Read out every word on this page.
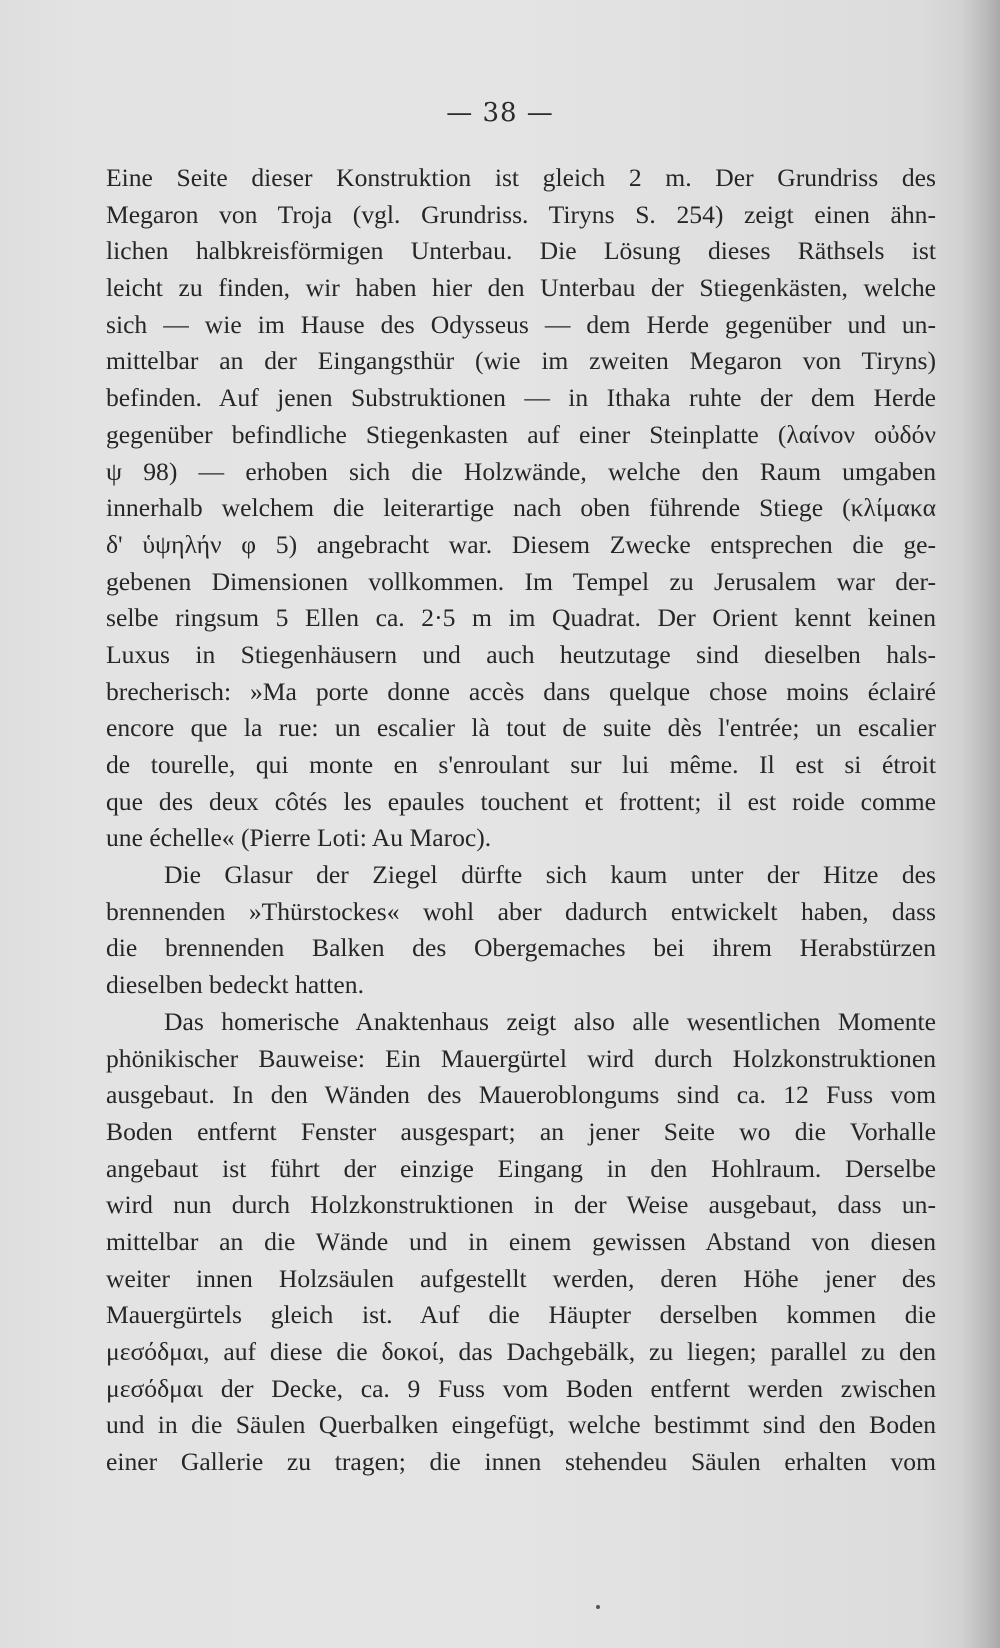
— 38 —
Eine Seite dieser Konstruktion ist gleich 2 m. Der Grundriss des
Megaron von Troja (vgl. Grundriss. Tiryns S. 254) zeigt einen ähn-
lichen halbkreisförmigen Unterbau. Die Lösung dieses Räthsels ist
leicht zu finden, wir haben hier den Unterbau der Stiegenkästen, welche
sich — wie im Hause des Odysseus — dem Herde gegenüber und un-
mittelbar an der Eingangsthür (wie im zweiten Megaron von Tiryns)
befinden. Auf jenen Substruktionen — in Ithaka ruhte der dem Herde
gegenüber befindliche Stiegenkasten auf einer Steinplatte (λαίνον οὐδόν
ψ 98) — erhoben sich die Holzwände, welche den Raum umgaben
innerhalb welchem die leiterartige nach oben führende Stiege (κλίμακα
δ' ὑψηλήν φ 5) angebracht war. Diesem Zwecke entsprechen die ge-
gebenen Dimensionen vollkommen. Im Tempel zu Jerusalem war der-
selbe ringsum 5 Ellen ca. 2·5 m im Quadrat. Der Orient kennt keinen
Luxus in Stiegenhäusern und auch heutzutage sind dieselben hals-
brecherisch: »Ma porte donne accès dans quelque chose moins éclairé
encore que la rue: un escalier là tout de suite dès l'entrée; un escalier
de tourelle, qui monte en s'enroulant sur lui même. Il est si étroit
que des deux côtés les epaules touchent et frottent; il est roide comme
une échelle« (Pierre Loti: Au Maroc).
Die Glasur der Ziegel dürfte sich kaum unter der Hitze des
brennenden »Thürstockes« wohl aber dadurch entwickelt haben, dass
die brennenden Balken des Obergemaches bei ihrem Herabstürzen
dieselben bedeckt hatten.
Das homerische Anaktenhaus zeigt also alle wesentlichen Momente
phönikischer Bauweise: Ein Mauergürtel wird durch Holzkonstruktionen
ausgebaut. In den Wänden des Maueroblongums sind ca. 12 Fuss vom
Boden entfernt Fenster ausgespart; an jener Seite wo die Vorhalle
angebaut ist führt der einzige Eingang in den Hohlraum. Derselbe
wird nun durch Holzkonstruktionen in der Weise ausgebaut, dass un-
mittelbar an die Wände und in einem gewissen Abstand von diesen
weiter innen Holzsäulen aufgestellt werden, deren Höhe jener des
Mauergürtels gleich ist. Auf die Häupter derselben kommen die
μεσόδμαι, auf diese die δοκοί, das Dachgebälk, zu liegen; parallel zu den
μεσόδμαι der Decke, ca. 9 Fuss vom Boden entfernt werden zwischen
und in die Säulen Querbalken eingefügt, welche bestimmt sind den Boden
einer Gallerie zu tragen; die innen stehendeu Säulen erhalten vom
